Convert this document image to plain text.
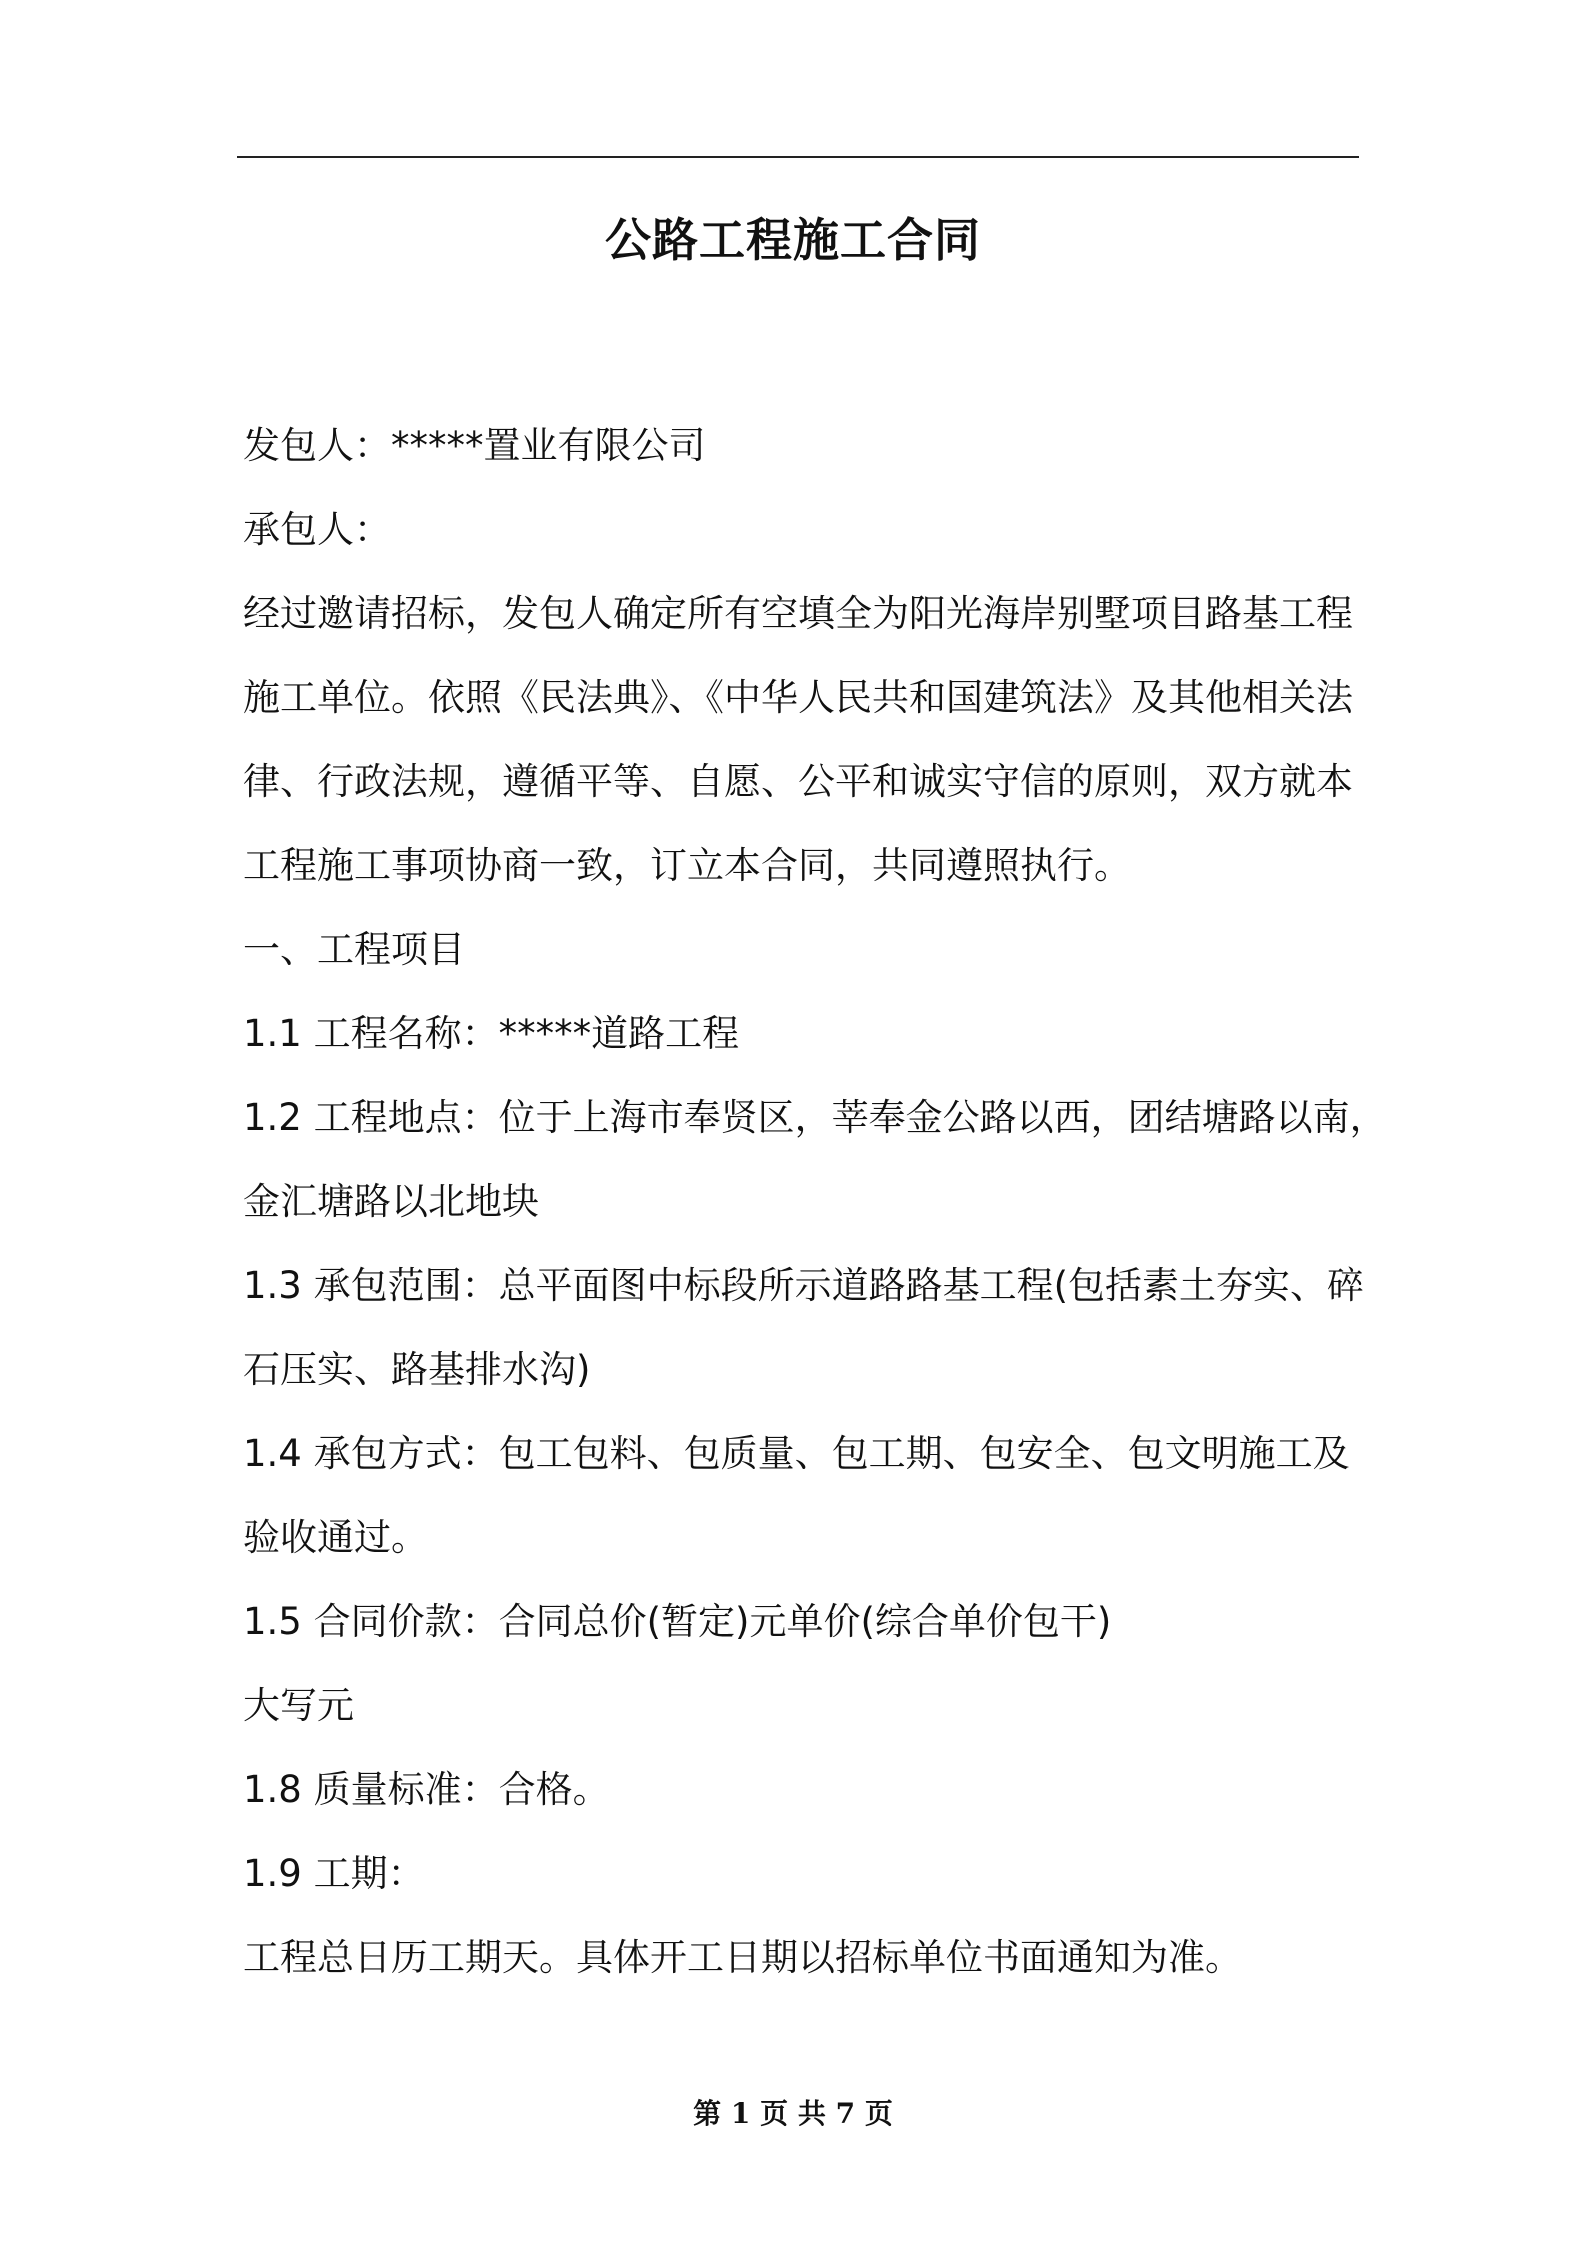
公路工程施工合同
发包人：*****置业有限公司
承包人：
经过邀请招标，发包人确定所有空填全为阳光海岸别墅项目路基工程
施工单位。依照《民法典》、《中华人民共和国建筑法》及其他相关法
律、行政法规，遵循平等、自愿、公平和诚实守信的原则，双方就本
工程施工事项协商一致，订立本合同，共同遵照执行。
一、工程项目
1.1 工程名称：*****道路工程
1.2 工程地点：位于上海市奉贤区，莘奉金公路以西，团结塘路以南，
金汇塘路以北地块
1.3 承包范围：总平面图中标段所示道路路基工程(包括素土夯实、碎
石压实、路基排水沟)
1.4 承包方式：包工包料、包质量、包工期、包安全、包文明施工及
验收通过。
1.5 合同价款：合同总价(暂定)元单价(综合单价包干)
大写元
1.8 质量标准：合格。
1.9 工期：
工程总日历工期天。具体开工日期以招标单位书面通知为准。
第 1 页 共 7 页
